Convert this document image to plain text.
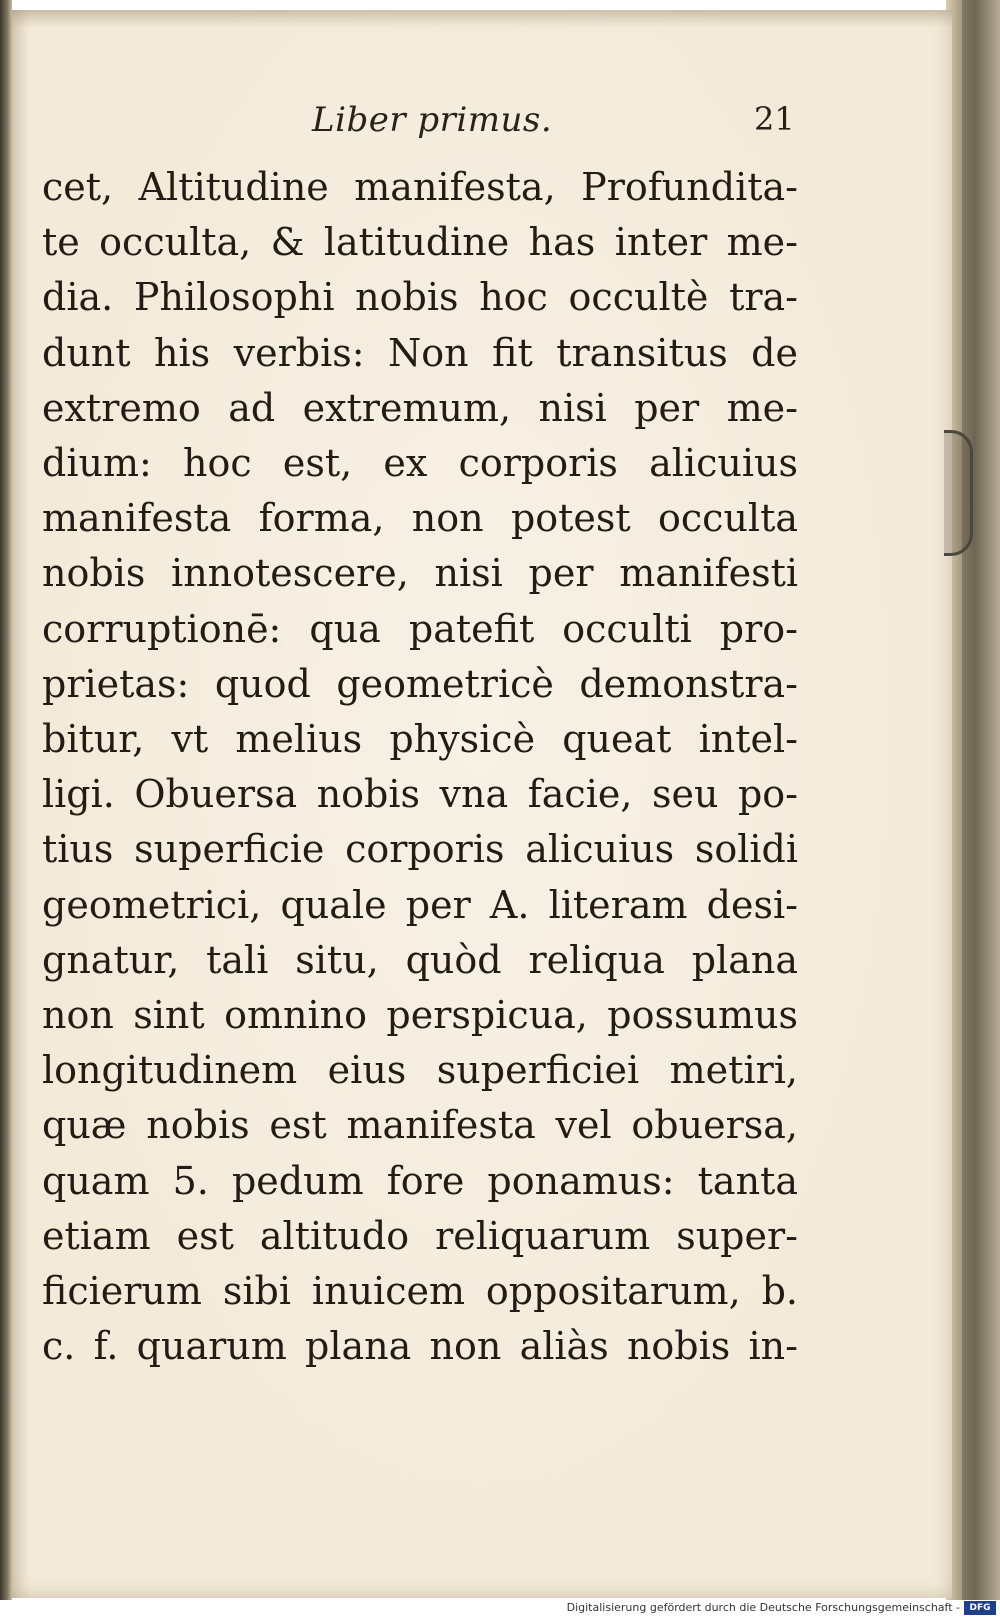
Liber primus.	21
cet, Altitudine manifesta, Profundita-
te occulta, & latitudine has inter me-
dia. Philosophi nobis hoc occultè tra-
dunt his verbis: Non fit transitus de
extremo ad extremum, nisi per me-
dium: hoc est, ex corporis alicuius
manifesta forma, non potest occulta
nobis innotescere, nisi per manifesti
corruptionē: qua patefit occulti pro-
prietas: quod geometricè demonstra-
bitur, vt melius physicè queat intel-
ligi. Obuersa nobis vna facie, seu po-
tius superficie corporis alicuius solidi
geometrici, quale per A. literam desi-
gnatur, tali situ, quòd reliqua plana
non sint omnino perspicua, possumus
longitudinem eius superficiei metiri,
quæ nobis est manifesta vel obuersa,
quam 5. pedum fore ponamus: tanta
etiam est altitudo reliquarum super-
ficierum sibi inuicem oppositarum, b.
c. f. quarum plana non aliàs nobis in-
Digitalisierung gefördert durch die Deutsche Forschungsgemeinschaft -	DFG
